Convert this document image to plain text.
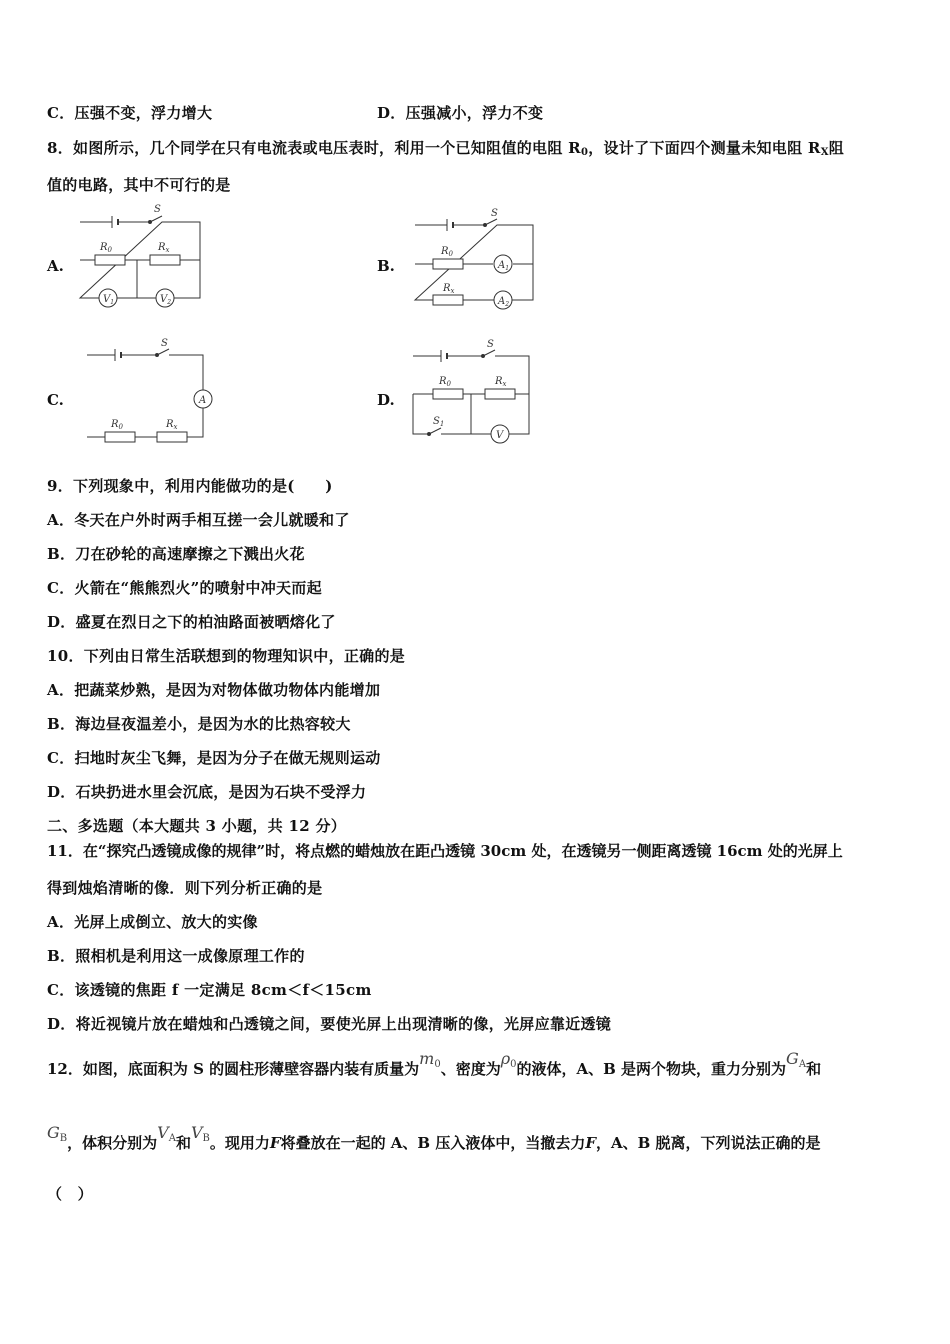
C．压强不变，浮力增大	D．压强减小，浮力不变
8．如图所示，几个同学在只有电流表或电压表时，利用一个已知阻值的电阻 $R_0$，设计了下面四个测量未知电阻 $R_X$阻
值的电路，其中不可行的是
A.	B.
C.	D.
S
$R_0$	$R_x$
$V_1$	$V_2$
S
$R_0$
$A_1$
$R_x$
$A_2$
S
A
$R_0$	$R_x$
S
$R_0$	$R_x$
$S_1$
V
9．下列现象中，利用内能做功的是(　　)
A．冬天在户外时两手相互搓一会儿就暖和了
B．刀在砂轮的高速摩擦之下溅出火花
C．火箭在“熊熊烈火”的喷射中冲天而起
D．盛夏在烈日之下的柏油路面被晒熔化了
10．下列由日常生活联想到的物理知识中，正确的是
A．把蔬菜炒熟，是因为对物体做功物体内能增加
B．海边昼夜温差小，是因为水的比热容较大
C．扫地时灰尘飞舞，是因为分子在做无规则运动
D．石块扔进水里会沉底，是因为石块不受浮力
二、多选题（本大题共 3 小题，共 12 分）
11．在“探究凸透镜成像的规律”时，将点燃的蜡烛放在距凸透镜 30cm 处，在透镜另一侧距离透镜 16cm 处的光屏上
得到烛焰清晰的像．则下列分析正确的是
A．光屏上成倒立、放大的实像
B．照相机是利用这一成像原理工作的
C．该透镜的焦距 f 一定满足 8cm＜f＜15cm
D．将近视镜片放在蜡烛和凸透镜之间，要使光屏上出现清晰的像，光屏应靠近透镜
12．如图，底面积为 S 的圆柱形薄壁容器内装有质量为m0、密度为ρ0的液体，A、B 是两个物块，重力分别为GA和
GB，体积分别为VA和VB。现用力F将叠放在一起的 A、B 压入液体中，当撤去力F，A、B 脱离，下列说法正确的是
（　）
